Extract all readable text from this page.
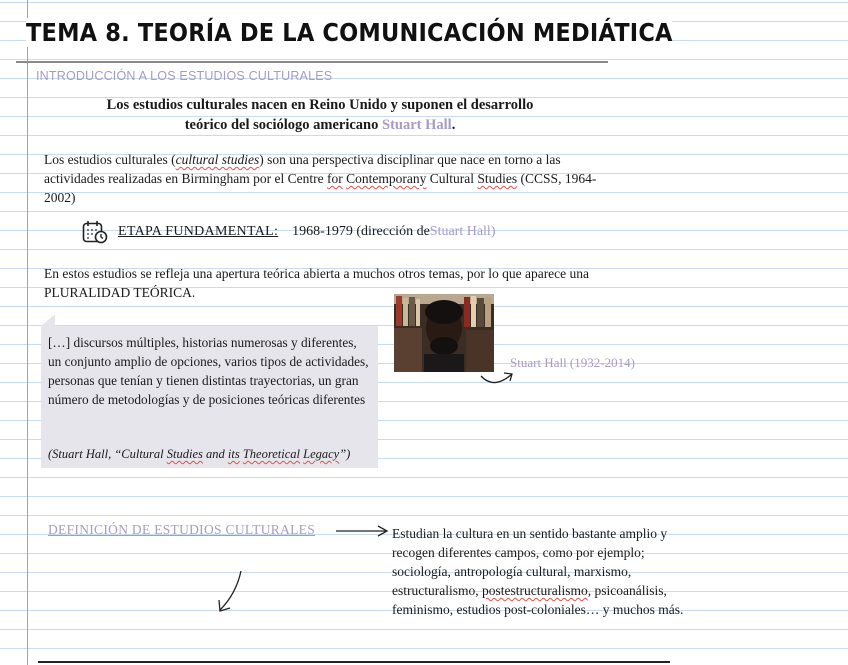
TEMA 8. TEORÍA DE LA COMUNICACIÓN MEDIÁTICA
INTRODUCCIÓN A LOS ESTUDIOS CULTURALES
Los estudios culturales nacen en Reino Unido y suponen el desarrollo
teórico del sociólogo americano Stuart Hall.
Los estudios culturales (cultural studies) son una perspectiva disciplinar que nace en torno a las actividades realizadas en Birmingham por el Centre for Contemporany Cultural Studies (CCSS, 1964-2002)
ETAPA FUNDAMENTAL: 1968-1979 (dirección de Stuart Hall )
En estos estudios se refleja una apertura teórica abierta a muchos otros temas, por lo que aparece una PLURALIDAD TEÓRICA.
[…] discursos múltiples, historias numerosas y diferentes, un conjunto amplio de opciones, varios tipos de actividades, personas que tenían y tienen distintas trayectorias, un gran número de metodologías y de posiciones teóricas diferentes
(Stuart Hall, “Cultural Studies and its Theoretical Legacy”)
Stuart Hall (1932-2014)
DEFINICIÓN DE ESTUDIOS CULTURALES	Estudian la cultura en un sentido bastante amplio y recogen diferentes campos, como por ejemplo; sociología, antropología cultural, marxismo, estructuralismo, postestructuralismo, psicoanálisis, feminismo, estudios post-coloniales… y muchos más.
